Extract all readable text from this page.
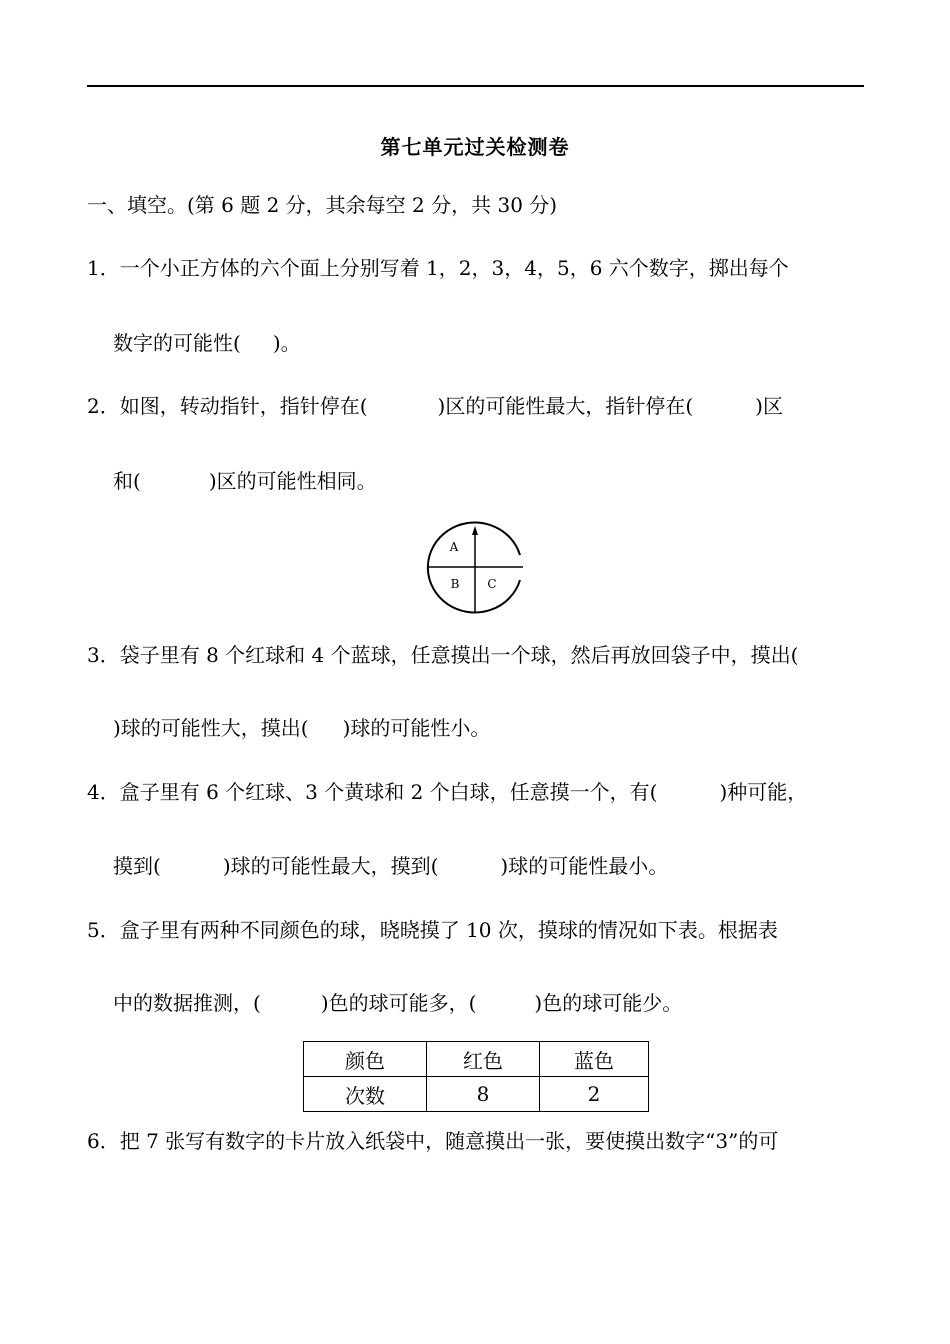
第七单元过关检测卷
一、填空。(第 6 题 2 分，其余每空 2 分，共 30 分)
1．一个小正方体的六个面上分别写着 1，2，3，4，5，6 六个数字，掷出每个
数字的可能性( )。
2．如图，转动指针，指针停在(	)区的可能性最大，指针停在(	)区
和(	)区的可能性相同。
A
B C
3．袋子里有 8 个红球和 4 个蓝球，任意摸出一个球，然后再放回袋子中，摸出(
)球的可能性大，摸出( )球的可能性小。
4．盒子里有 6 个红球、3 个黄球和 2 个白球，任意摸一个，有(	)种可能，
摸到(	)球的可能性最大，摸到(	)球的可能性最小。
5．盒子里有两种不同颜色的球，晓晓摸了 10 次，摸球的情况如下表。根据表
中的数据推测，(	)色的球可能多，(	)色的球可能少。
颜色	红色	蓝色
次数	8	2
6．把 7 张写有数字的卡片放入纸袋中，随意摸出一张，要使摸出数字“3”的可
